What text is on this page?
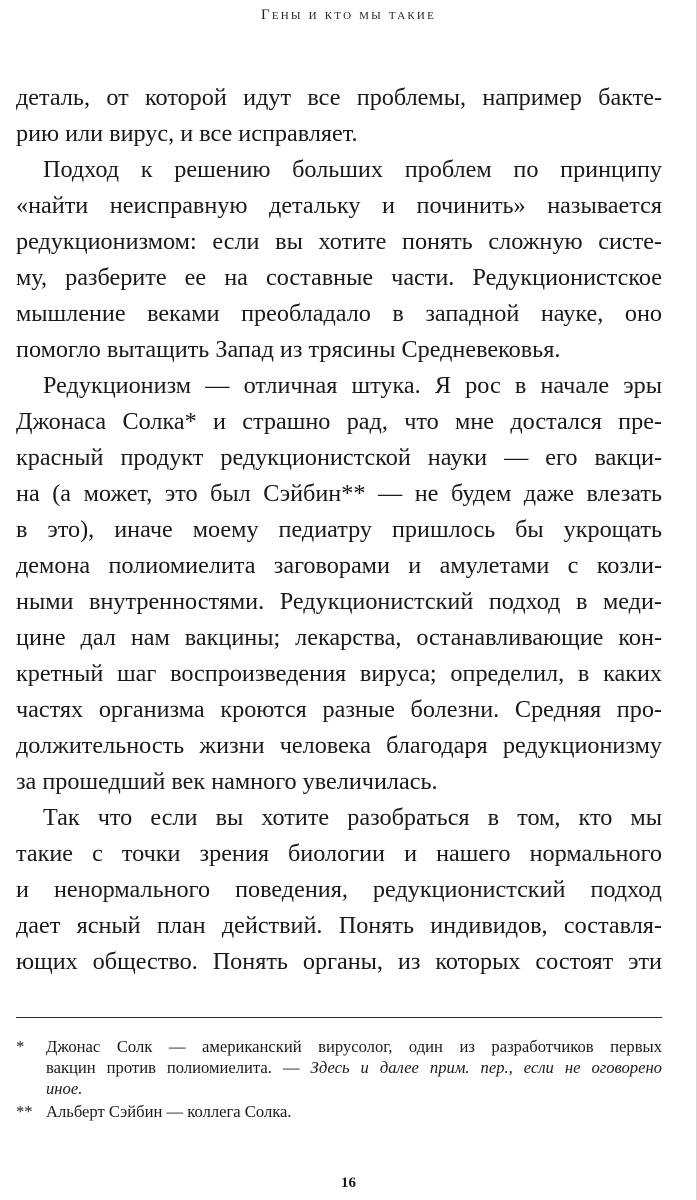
Гены и кто мы такие

деталь, от которой идут все проблемы, например бакте-
рию или вирус, и все исправляет.

Подход к решению больших проблем по принципу
«найти неисправную детальку и починить» называется
редукционизмом: если вы хотите понять сложную систе-
му, разберите ее на составные части. Редукционистское
мышление веками преобладало в западной науке, оно
помогло вытащить Запад из трясины Средневековья.

Редукционизм — отличная штука. Я рос в начале эры
Джонаса Солка* и страшно рад, что мне достался пре-
красный продукт редукционистской науки — его вакци-
на (а может, это был Сэйбин** — не будем даже влезать
в это), иначе моему педиатру пришлось бы укрощать
демона полиомиелита заговорами и амулетами с козли-
ными внутренностями. Редукционистский подход в меди-
цине дал нам вакцины; лекарства, останавливающие кон-
кретный шаг воспроизведения вируса; определил, в каких
частях организма кроются разные болезни. Средняя про-
должительность жизни человека благодаря редукционизму
за прошедший век намного увеличилась.

Так что если вы хотите разобраться в том, кто мы
такие с точки зрения биологии и нашего нормального
и ненормального поведения, редукционистский подход
дает ясный план действий. Понять индивидов, составля-
ющих общество. Понять органы, из которых состоят эти

* Джонас Солк — американский вирусолог, один из разработчиков первых
вакцин против полиомиелита. — Здесь и далее прим. пер., если не оговорено
иное.
** Альберт Сэйбин — коллега Солка.
16
